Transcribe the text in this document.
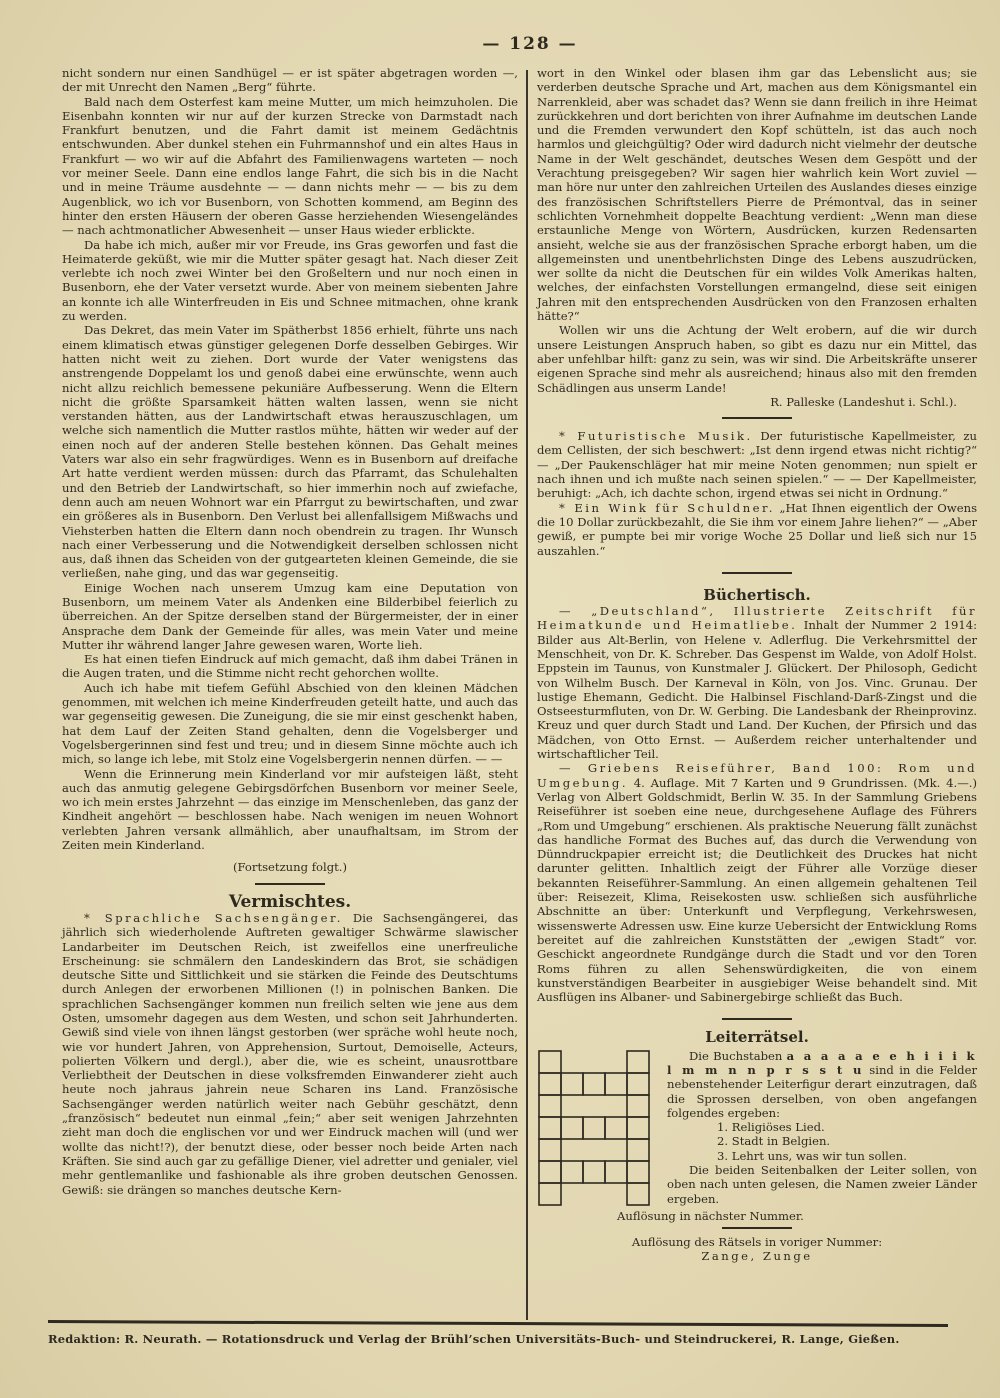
— 128 —

nicht sondern nur einen Sandhügel — er ist später abgetragen worden —, der mit Unrecht den Namen „Berg“ führte.

Bald nach dem Osterfest kam meine Mutter, um mich heimzuholen. Die Eisenbahn konnten wir nur auf der kurzen Strecke von Darmstadt nach Frankfurt benutzen, und die Fahrt damit ist meinem Gedächtnis entschwunden. Aber dunkel stehen ein Fuhrmannshof und ein altes Haus in Frankfurt — wo wir auf die Abfahrt des Familienwagens warteten — noch vor meiner Seele. Dann eine endlos lange Fahrt, die sich bis in die Nacht und in meine Träume ausdehnte — — dann nichts mehr — — bis zu dem Augenblick, wo ich vor Busenborn, von Schotten kommend, am Beginn des hinter den ersten Häusern der oberen Gasse herziehenden Wiesengeländes — nach achtmonatlicher Abwesenheit — unser Haus wieder erblickte.

Da habe ich mich, außer mir vor Freude, ins Gras geworfen und fast die Heimaterde geküßt, wie mir die Mutter später gesagt hat. Nach dieser Zeit verlebte ich noch zwei Winter bei den Großeltern und nur noch einen in Busenborn, ehe der Vater versetzt wurde. Aber von meinem siebenten Jahre an konnte ich alle Winterfreuden in Eis und Schnee mitmachen, ohne krank zu werden.

Das Dekret, das mein Vater im Spätherbst 1856 erhielt, führte uns nach einem klimatisch etwas günstiger gelegenen Dorfe desselben Gebirges. Wir hatten nicht weit zu ziehen. Dort wurde der Vater wenigstens das anstrengende Doppelamt los und genoß dabei eine erwünschte, wenn auch nicht allzu reichlich bemessene pekuniäre Aufbesserung. Wenn die Eltern nicht die größte Sparsamkeit hätten walten lassen, wenn sie nicht verstanden hätten, aus der Landwirtschaft etwas herauszuschlagen, um welche sich namentlich die Mutter rastlos mühte, hätten wir weder auf der einen noch auf der anderen Stelle bestehen können. Das Gehalt meines Vaters war also ein sehr fragwürdiges. Wenn es in Busenborn auf dreifache Art hatte verdient werden müssen: durch das Pfarramt, das Schulehalten und den Betrieb der Landwirtschaft, so hier immerhin noch auf zwiefache, denn auch am neuen Wohnort war ein Pfarrgut zu bewirtschaften, und zwar ein größeres als in Busenborn. Den Verlust bei allenfallsigem Mißwachs und Viehsterben hatten die Eltern dann noch obendrein zu tragen. Ihr Wunsch nach einer Verbesserung und die Notwendigkeit derselben schlossen nicht aus, daß ihnen das Scheiden von der gutgearteten kleinen Gemeinde, die sie verließen, nahe ging, und das war gegenseitig.

Einige Wochen nach unserem Umzug kam eine Deputation von Busenborn, um meinem Vater als Andenken eine Bilderbibel feierlich zu überreichen. An der Spitze derselben stand der Bürgermeister, der in einer Ansprache dem Dank der Gemeinde für alles, was mein Vater und meine Mutter ihr während langer Jahre gewesen waren, Worte lieh.

Es hat einen tiefen Eindruck auf mich gemacht, daß ihm dabei Tränen in die Augen traten, und die Stimme nicht recht gehorchen wollte.

Auch ich habe mit tiefem Gefühl Abschied von den kleinen Mädchen genommen, mit welchen ich meine Kinderfreuden geteilt hatte, und auch das war gegenseitig gewesen. Die Zuneigung, die sie mir einst geschenkt haben, hat dem Lauf der Zeiten Stand gehalten, denn die Vogelsberger und Vogelsbergerinnen sind fest und treu; und in diesem Sinne möchte auch ich mich, so lange ich lebe, mit Stolz eine Vogelsbergerin nennen dürfen. — —

Wenn die Erinnerung mein Kinderland vor mir aufsteigen läßt, steht auch das anmutig gelegene Gebirgsdörfchen Busenborn vor meiner Seele, wo ich mein erstes Jahrzehnt — das einzige im Menschenleben, das ganz der Kindheit angehört — beschlossen habe. Nach wenigen im neuen Wohnort verlebten Jahren versank allmählich, aber unaufhaltsam, im Strom der Zeiten mein Kinderland.

(Fortsetzung folgt.)

Vermischtes.

* Sprachliche Sachsengänger. Die Sachsengängerei, das jährlich sich wiederholende Auftreten gewaltiger Schwärme slawischer Landarbeiter im Deutschen Reich, ist zweifellos eine unerfreuliche Erscheinung: sie schmälern den Landeskindern das Brot, sie schädigen deutsche Sitte und Sittlichkeit und sie stärken die Feinde des Deutschtums durch Anlegen der erworbenen Millionen (!) in polnischen Banken. Die sprachlichen Sachsengänger kommen nun freilich selten wie jene aus dem Osten, umsomehr dagegen aus dem Westen, und schon seit Jahrhunderten. Gewiß sind viele von ihnen längst gestorben (wer spräche wohl heute noch, wie vor hundert Jahren, von Apprehension, Surtout, Demoiselle, Acteurs, polierten Völkern und dergl.), aber die, wie es scheint, unausrottbare Verliebtheit der Deutschen in diese volksfremden Einwanderer zieht auch heute noch jahraus jahrein neue Scharen ins Land. Französische Sachsengänger werden natürlich weiter nach Gebühr geschätzt, denn „französisch“ bedeutet nun einmal „fein;“ aber seit wenigen Jahrzehnten zieht man doch die englischen vor und wer Eindruck machen will (und wer wollte das nicht!?), der benutzt diese, oder besser noch beide Arten nach Kräften. Sie sind auch gar zu gefällige Diener, viel adretter und genialer, viel mehr gentlemanlike und fashionable als ihre groben deutschen Genossen. Gewiß: sie drängen so manches deutsche Kern-

wort in den Winkel oder blasen ihm gar das Lebenslicht aus; sie verderben deutsche Sprache und Art, machen aus dem Königsmantel ein Narrenkleid, aber was schadet das? Wenn sie dann freilich in ihre Heimat zurückkehren und dort berichten von ihrer Aufnahme im deutschen Lande und die Fremden verwundert den Kopf schütteln, ist das auch noch harmlos und gleichgültig? Oder wird dadurch nicht vielmehr der deutsche Name in der Welt geschändet, deutsches Wesen dem Gespött und der Verachtung preisgegeben? Wir sagen hier wahrlich kein Wort zuviel — man höre nur unter den zahlreichen Urteilen des Auslandes dieses einzige des französischen Schriftstellers Pierre de Prémontval, das in seiner schlichten Vornehmheit doppelte Beachtung verdient: „Wenn man diese erstaunliche Menge von Wörtern, Ausdrücken, kurzen Redensarten ansieht, welche sie aus der französischen Sprache erborgt haben, um die allgemeinsten und unentbehrlichsten Dinge des Lebens auszudrücken, wer sollte da nicht die Deutschen für ein wildes Volk Amerikas halten, welches, der einfachsten Vorstellungen ermangelnd, diese seit einigen Jahren mit den entsprechenden Ausdrücken von den Franzosen erhalten hätte?“

Wollen wir uns die Achtung der Welt erobern, auf die wir durch unsere Leistungen Anspruch haben, so gibt es dazu nur ein Mittel, das aber unfehlbar hilft: ganz zu sein, was wir sind. Die Arbeitskräfte unserer eigenen Sprache sind mehr als ausreichend; hinaus also mit den fremden Schädlingen aus unserm Lande!

R. Palleske (Landeshut i. Schl.).

* Futuristische Musik. Der futuristische Kapellmeister, zu dem Cellisten, der sich beschwert: „Ist denn irgend etwas nicht richtig?“ — „Der Paukenschläger hat mir meine Noten genommen; nun spielt er nach ihnen und ich mußte nach seinen spielen.“ — — Der Kapellmeister, beruhigt: „Ach, ich dachte schon, irgend etwas sei nicht in Ordnung.“

* Ein Wink für Schuldner. „Hat Ihnen eigentlich der Owens die 10 Dollar zurückbezahlt, die Sie ihm vor einem Jahre liehen?“ — „Aber gewiß, er pumpte bei mir vorige Woche 25 Dollar und ließ sich nur 15 auszahlen.“

Büchertisch.

— „Deutschland“, Illustrierte Zeitschrift für Heimatkunde und Heimatliebe. Inhalt der Nummer 2 1914: Bilder aus Alt-Berlin, von Helene v. Adlerflug. Die Verkehrsmittel der Menschheit, von Dr. K. Schreber. Das Gespenst im Walde, von Adolf Holst. Eppstein im Taunus, von Kunstmaler J. Glückert. Der Philosoph, Gedicht von Wilhelm Busch. Der Karneval in Köln, von Jos. Vinc. Grunau. Der lustige Ehemann, Gedicht. Die Halbinsel Fischland-Darß-Zingst und die Ostseesturmfluten, von Dr. W. Gerbing. Die Landesbank der Rheinprovinz. Kreuz und quer durch Stadt und Land. Der Kuchen, der Pfirsich und das Mädchen, von Otto Ernst. — Außerdem reicher unterhaltender und wirtschaftlicher Teil.

— Griebens Reiseführer, Band 100: Rom und Umgebung. 4. Auflage. Mit 7 Karten und 9 Grundrissen. (Mk. 4.—.) Verlag von Albert Goldschmidt, Berlin W. 35. In der Sammlung Griebens Reiseführer ist soeben eine neue, durchgesehene Auflage des Führers „Rom und Umgebung“ erschienen. Als praktische Neuerung fällt zunächst das handliche Format des Buches auf, das durch die Verwendung von Dünndruckpapier erreicht ist; die Deutlichkeit des Druckes hat nicht darunter gelitten. Inhaltlich zeigt der Führer alle Vorzüge dieser bekannten Reiseführer-Sammlung. An einen allgemein gehaltenen Teil über: Reisezeit, Klima, Reisekosten usw. schließen sich ausführliche Abschnitte an über: Unterkunft und Verpflegung, Verkehrswesen, wissenswerte Adressen usw. Eine kurze Uebersicht der Entwicklung Roms bereitet auf die zahlreichen Kunststätten der „ewigen Stadt“ vor. Geschickt angeordnete Rundgänge durch die Stadt und vor den Toren Roms führen zu allen Sehenswürdigkeiten, die von einem kunstverständigen Bearbeiter in ausgiebiger Weise behandelt sind. Mit Ausflügen ins Albaner- und Sabinergebirge schließt das Buch.

Leiterrätsel.

Die Buchstaben a a a a a e e h i i i k l m m n n p r s s t u sind in die Felder nebenstehender Leiterfigur derart einzutragen, daß die Sprossen derselben, von oben angefangen folgendes ergeben:

1. Religiöses Lied.
2. Stadt in Belgien.
3. Lehrt uns, was wir tun sollen.

Die beiden Seitenbalken der Leiter sollen, von oben nach unten gelesen, die Namen zweier Länder ergeben.

Auflösung in nächster Nummer.

Auflösung des Rätsels in voriger Nummer:

Zange, Zunge

Redaktion: R. Neurath. — Rotationsdruck und Verlag der Brühl’schen Universitäts-Buch- und Steindruckerei, R. Lange, Gießen.
